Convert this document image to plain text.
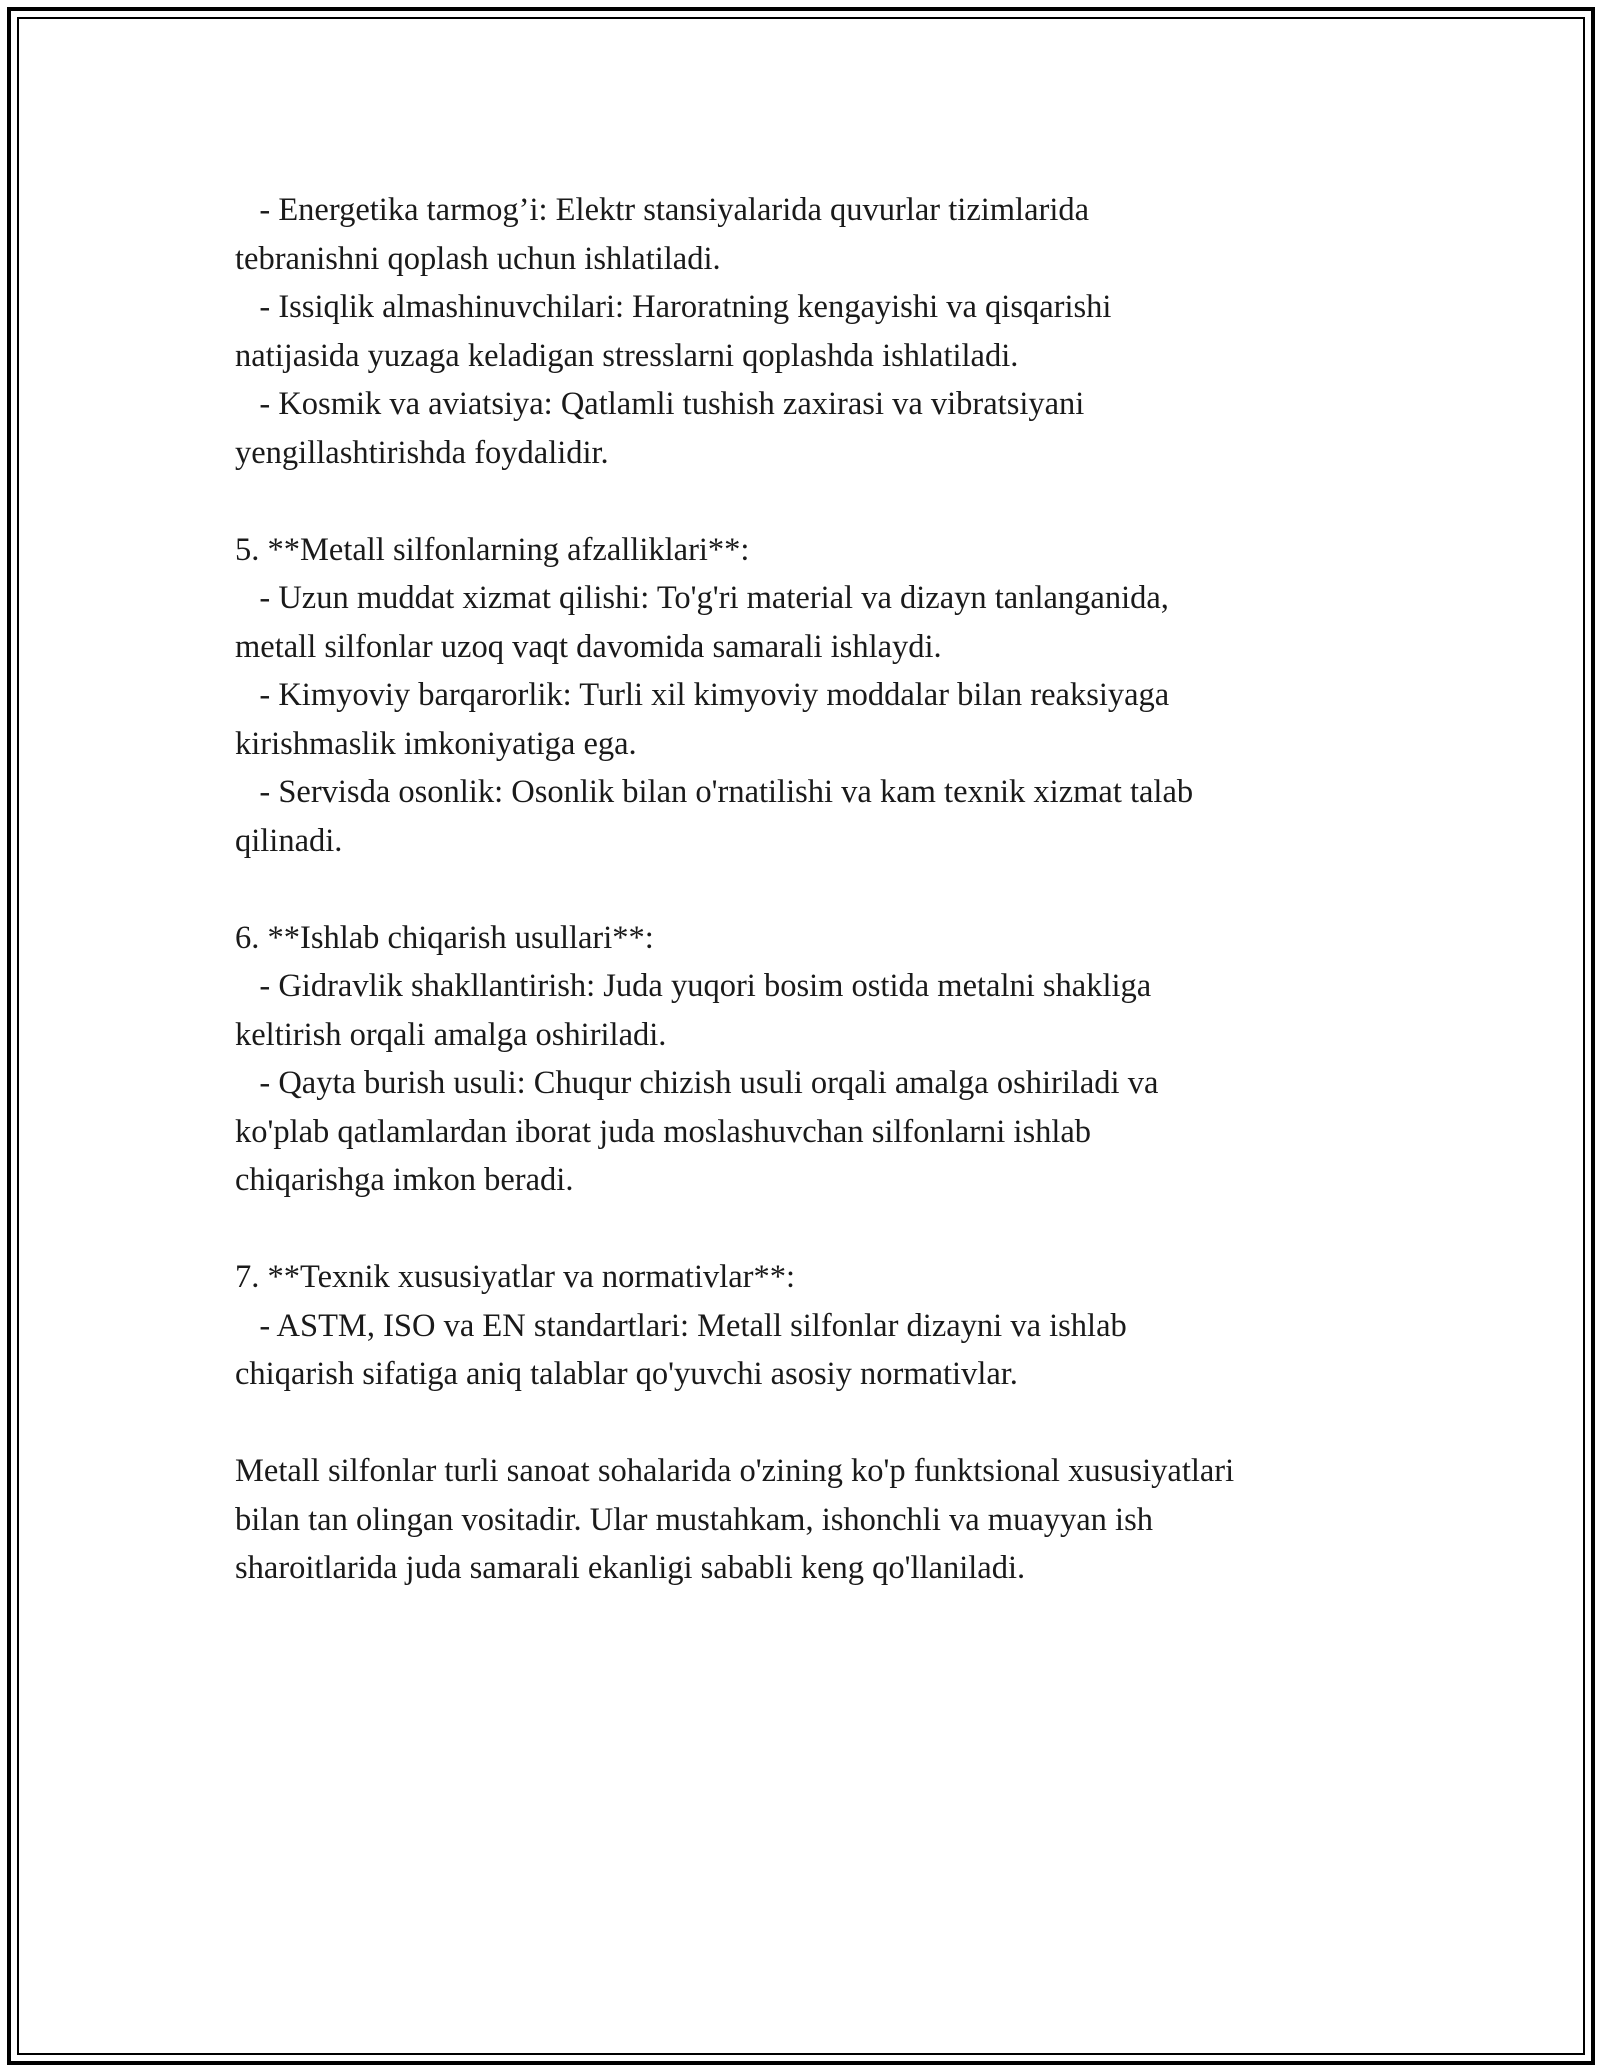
- Energetika tarmog’i: Elektr stansiyalarida quvurlar tizimlarida
tebranishni qoplash uchun ishlatiladi.
- Issiqlik almashinuvchilari: Haroratning kengayishi va qisqarishi
natijasida yuzaga keladigan stresslarni qoplashda ishlatiladi.
- Kosmik va aviatsiya: Qatlamli tushish zaxirasi va vibratsiyani
yengillashtirishda foydalidir.
5. **Metall silfonlarning afzalliklari**:
- Uzun muddat xizmat qilishi: To'g'ri material va dizayn tanlanganida,
metall silfonlar uzoq vaqt davomida samarali ishlaydi.
- Kimyoviy barqarorlik: Turli xil kimyoviy moddalar bilan reaksiyaga
kirishmaslik imkoniyatiga ega.
- Servisda osonlik: Osonlik bilan o'rnatilishi va kam texnik xizmat talab
qilinadi.
6. **Ishlab chiqarish usullari**:
- Gidravlik shakllantirish: Juda yuqori bosim ostida metalni shakliga
keltirish orqali amalga oshiriladi.
- Qayta burish usuli: Chuqur chizish usuli orqali amalga oshiriladi va
ko'plab qatlamlardan iborat juda moslashuvchan silfonlarni ishlab
chiqarishga imkon beradi.
7. **Texnik xususiyatlar va normativlar**:
- ASTM, ISO va EN standartlari: Metall silfonlar dizayni va ishlab
chiqarish sifatiga aniq talablar qo'yuvchi asosiy normativlar.
Metall silfonlar turli sanoat sohalarida o'zining ko'p funktsional xususiyatlari
bilan tan olingan vositadir. Ular mustahkam, ishonchli va muayyan ish
sharoitlarida juda samarali ekanligi sababli keng qo'llaniladi.
